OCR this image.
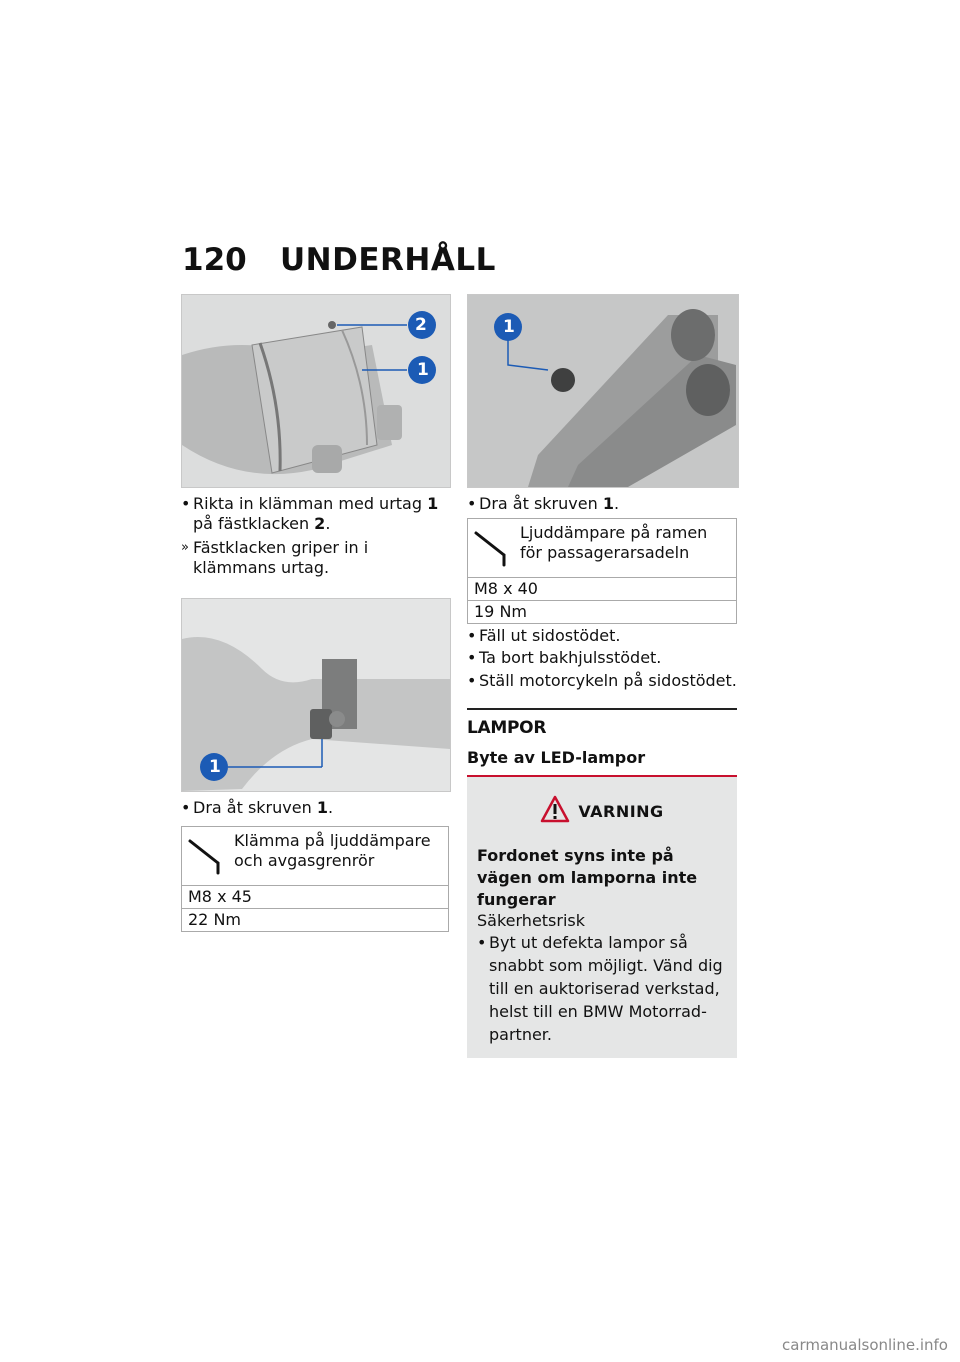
120	UNDERHÅLL
2
1
• Rikta in klämman med urtag 1 på fästklacken 2.
» Fästklacken griper in i klämmans urtag.
1
• Dra åt skruven 1.
Klämma på ljuddämpare och avgasgrenrör
M8 x 45
22 Nm
1
• Dra åt skruven 1.
Ljuddämpare på ramen för passagerarsadeln
M8 x 40
19 Nm
• Fäll ut sidostödet.
• Ta bort bakhjulsstödet.
• Ställ motorcykeln på sidostödet.
LAMPOR
Byte av LED-lampor
VARNING
Fordonet syns inte på vägen om lamporna inte fungerar
Säkerhetsrisk
• Byt ut defekta lampor så snabbt som möjligt. Vänd dig till en auktoriserad verkstad, helst till en BMW Motorrad-partner.
carmanualsonline.info
